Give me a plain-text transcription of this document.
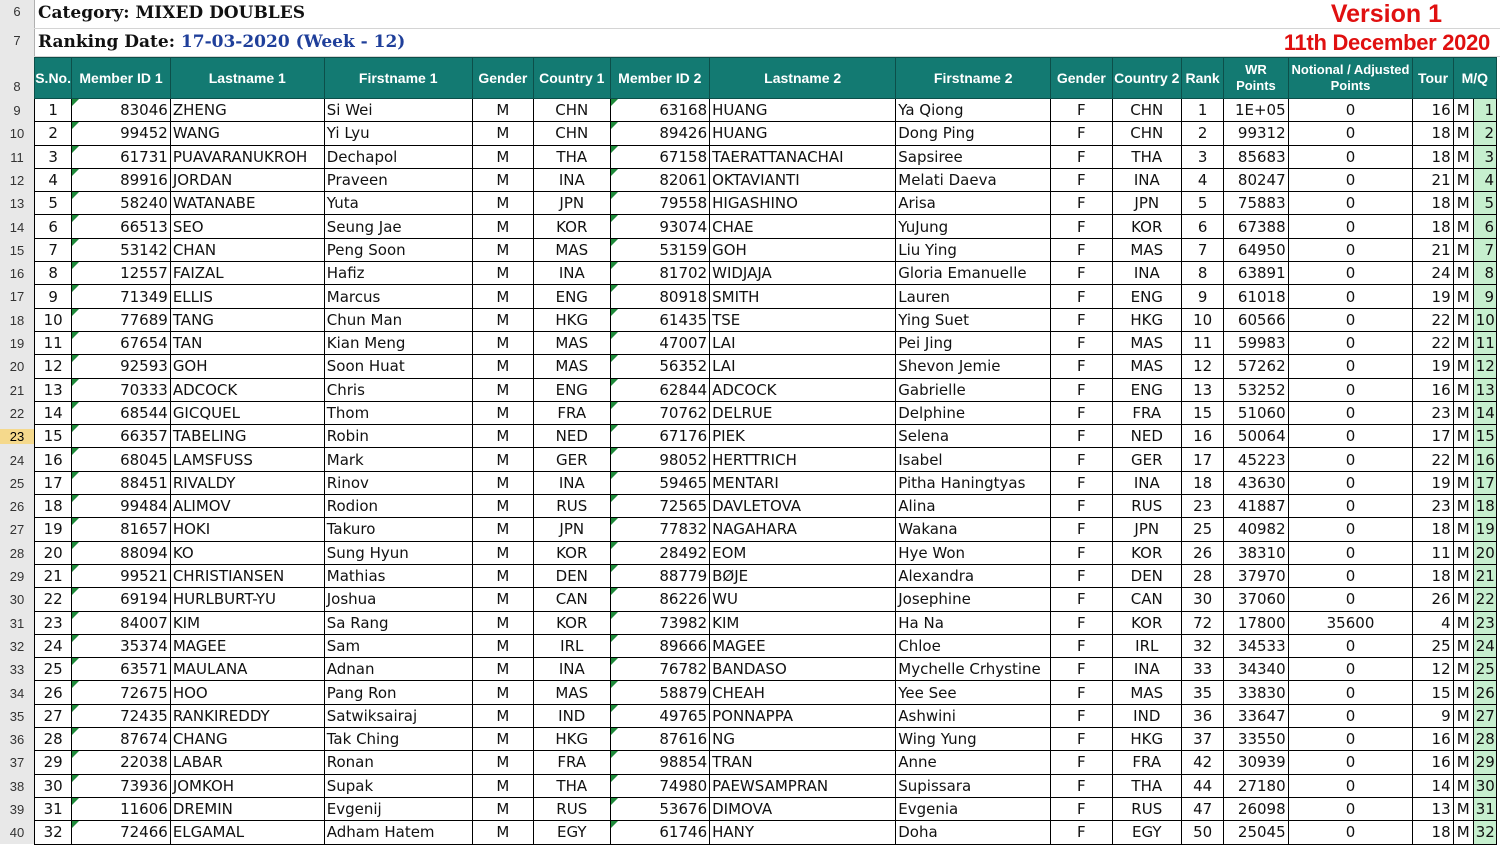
6
7
8
9
10
11
12
13
14
15
16
17
18
19
20
21
22
23
24
25
26
27
28
29
30
31
32
33
34
35
36
37
38
39
40
Category: MIXED DOUBLES
Ranking Date: 17-03-2020 (Week - 12)
Version 1
11th December 2020
S.No.	Member ID 1	Lastname 1	Firstname 1	Gender	Country 1	Member ID 2	Lastname 2	Firstname 2	Gender	Country 2	Rank	WR Points	Notional / Adjusted Points	Tour	M/Q	
1	83046	ZHENG	Si Wei	M	CHN	63168	HUANG	Ya Qiong	F	CHN	1	1E+05	0	16	M	1
2	99452	WANG	Yi Lyu	M	CHN	89426	HUANG	Dong Ping	F	CHN	2	99312	0	18	M	2
3	61731	PUAVARANUKROH	Dechapol	M	THA	67158	TAERATTANACHAI	Sapsiree	F	THA	3	85683	0	18	M	3
4	89916	JORDAN	Praveen	M	INA	82061	OKTAVIANTI	Melati Daeva	F	INA	4	80247	0	21	M	4
5	58240	WATANABE	Yuta	M	JPN	79558	HIGASHINO	Arisa	F	JPN	5	75883	0	18	M	5
6	66513	SEO	Seung Jae	M	KOR	93074	CHAE	YuJung	F	KOR	6	67388	0	18	M	6
7	53142	CHAN	Peng Soon	M	MAS	53159	GOH	Liu Ying	F	MAS	7	64950	0	21	M	7
8	12557	FAIZAL	Hafiz	M	INA	81702	WIDJAJA	Gloria Emanuelle	F	INA	8	63891	0	24	M	8
9	71349	ELLIS	Marcus	M	ENG	80918	SMITH	Lauren	F	ENG	9	61018	0	19	M	9
10	77689	TANG	Chun Man	M	HKG	61435	TSE	Ying Suet	F	HKG	10	60566	0	22	M	10
11	67654	TAN	Kian Meng	M	MAS	47007	LAI	Pei Jing	F	MAS	11	59983	0	22	M	11
12	92593	GOH	Soon Huat	M	MAS	56352	LAI	Shevon Jemie	F	MAS	12	57262	0	19	M	12
13	70333	ADCOCK	Chris	M	ENG	62844	ADCOCK	Gabrielle	F	ENG	13	53252	0	16	M	13
14	68544	GICQUEL	Thom	M	FRA	70762	DELRUE	Delphine	F	FRA	15	51060	0	23	M	14
15	66357	TABELING	Robin	M	NED	67176	PIEK	Selena	F	NED	16	50064	0	17	M	15
16	68045	LAMSFUSS	Mark	M	GER	98052	HERTTRICH	Isabel	F	GER	17	45223	0	22	M	16
17	88451	RIVALDY	Rinov	M	INA	59465	MENTARI	Pitha Haningtyas	F	INA	18	43630	0	19	M	17
18	99484	ALIMOV	Rodion	M	RUS	72565	DAVLETOVA	Alina	F	RUS	23	41887	0	23	M	18
19	81657	HOKI	Takuro	M	JPN	77832	NAGAHARA	Wakana	F	JPN	25	40982	0	18	M	19
20	88094	KO	Sung Hyun	M	KOR	28492	EOM	Hye Won	F	KOR	26	38310	0	11	M	20
21	99521	CHRISTIANSEN	Mathias	M	DEN	88779	BØJE	Alexandra	F	DEN	28	37970	0	18	M	21
22	69194	HURLBURT-YU	Joshua	M	CAN	86226	WU	Josephine	F	CAN	30	37060	0	26	M	22
23	84007	KIM	Sa Rang	M	KOR	73982	KIM	Ha Na	F	KOR	72	17800	35600	4	M	23
24	35374	MAGEE	Sam	M	IRL	89666	MAGEE	Chloe	F	IRL	32	34533	0	25	M	24
25	63571	MAULANA	Adnan	M	INA	76782	BANDASO	Mychelle Crhystine	F	INA	33	34340	0	12	M	25
26	72675	HOO	Pang Ron	M	MAS	58879	CHEAH	Yee See	F	MAS	35	33830	0	15	M	26
27	72435	RANKIREDDY	Satwiksairaj	M	IND	49765	PONNAPPA	Ashwini	F	IND	36	33647	0	9	M	27
28	87674	CHANG	Tak Ching	M	HKG	87616	NG	Wing Yung	F	HKG	37	33550	0	16	M	28
29	22038	LABAR	Ronan	M	FRA	98854	TRAN	Anne	F	FRA	42	30939	0	16	M	29
30	73936	JOMKOH	Supak	M	THA	74980	PAEWSAMPRAN	Supissara	F	THA	44	27180	0	14	M	30
31	11606	DREMIN	Evgenij	M	RUS	53676	DIMOVA	Evgenia	F	RUS	47	26098	0	13	M	31
32	72466	ELGAMAL	Adham Hatem	M	EGY	61746	HANY	Doha	F	EGY	50	25045	0	18	M	32
